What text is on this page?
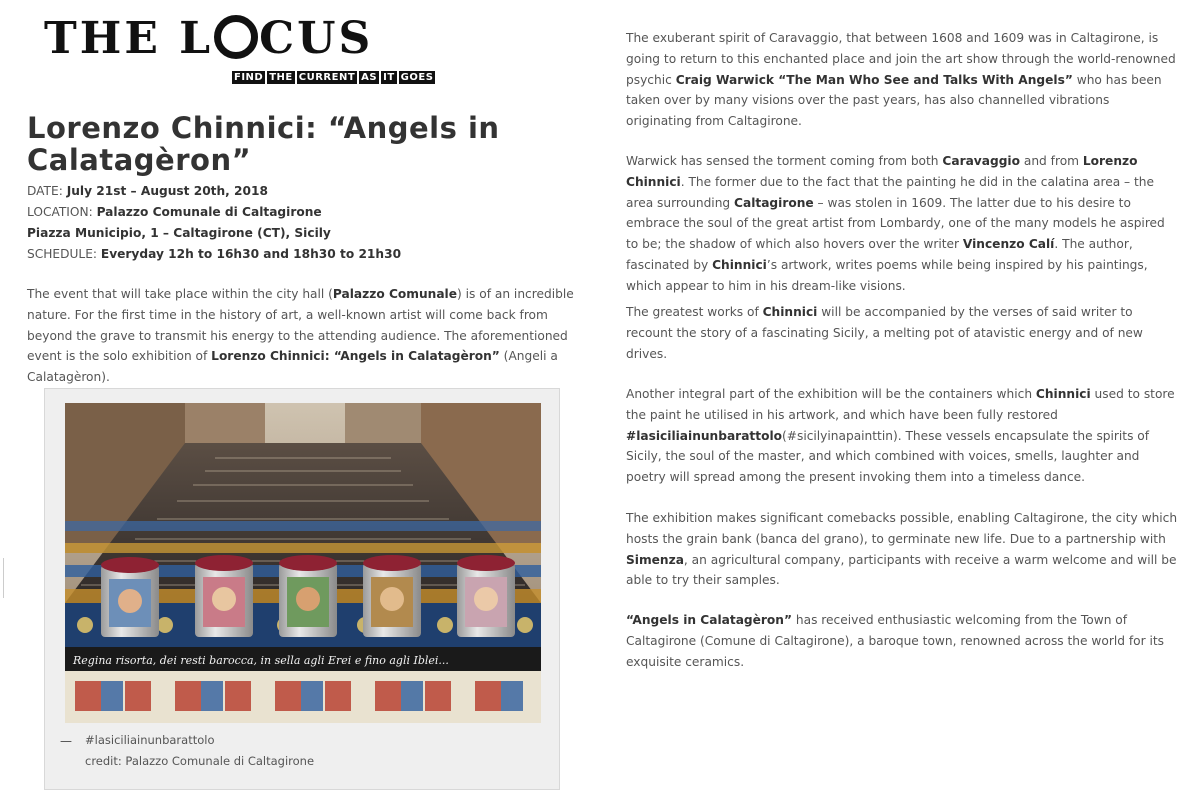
THE L CUS
FIND THE CURRENT AS IT GOES
Lorenzo Chinnici: “Angels in Calatagèron”
DATE: July 21st – August 20th, 2018
LOCATION: Palazzo Comunale di Caltagirone
Piazza Municipio, 1 – Caltagirone (CT), Sicily
SCHEDULE: Everyday 12h to 16h30 and 18h30 to 21h30

The event that will take place within the city hall (Palazzo Comunale) is of an incredible nature. For the first time in the history of art, a well-known artist will come back from beyond the grave to transmit his energy to the attending audience. The aforementioned event is the solo exhibition of Lorenzo Chinnici: “Angels in Calatagèron” (Angeli a Calatagèron).

Regina risorta, dei resti barocca, in sella agli Erei e fino agli Iblei...
— #lasiciliainunbarattolo
credit: Palazzo Comunale di Caltagirone

The exuberant spirit of Caravaggio, that between 1608 and 1609 was in Caltagirone, is going to return to this enchanted place and join the art show through the world-renowned psychic Craig Warwick “The Man Who See and Talks With Angels” who has been taken over by many visions over the past years, has also channelled vibrations originating from Caltagirone.

Warwick has sensed the torment coming from both Caravaggio and from Lorenzo Chinnici. The former due to the fact that the painting he did in the calatina area – the area surrounding Caltagirone – was stolen in 1609. The latter due to his desire to embrace the soul of the great artist from Lombardy, one of the many models he aspired to be; the shadow of which also hovers over the writer Vincenzo Calí. The author, fascinated by Chinnici’s artwork, writes poems while being inspired by his paintings, which appear to him in his dream-like visions.

The greatest works of Chinnici will be accompanied by the verses of said writer to recount the story of a fascinating Sicily, a melting pot of atavistic energy and of new drives.

Another integral part of the exhibition will be the containers which Chinnici used to store the paint he utilised in his artwork, and which have been fully restored #lasiciliainunbarattolo(#sicilyinapainttin). These vessels encapsulate the spirits of Sicily, the soul of the master, and which combined with voices, smells, laughter and poetry will spread among the present invoking them into a timeless dance.

The exhibition makes significant comebacks possible, enabling Caltagirone, the city which hosts the grain bank (banca del grano), to germinate new life. Due to a partnership with Simenza, an agricultural company, participants with receive a warm welcome and will be able to try their samples.

“Angels in Calatagèron” has received enthusiastic welcoming from the Town of Caltagirone (Comune di Caltagirone), a baroque town, renowned across the world for its exquisite ceramics.
